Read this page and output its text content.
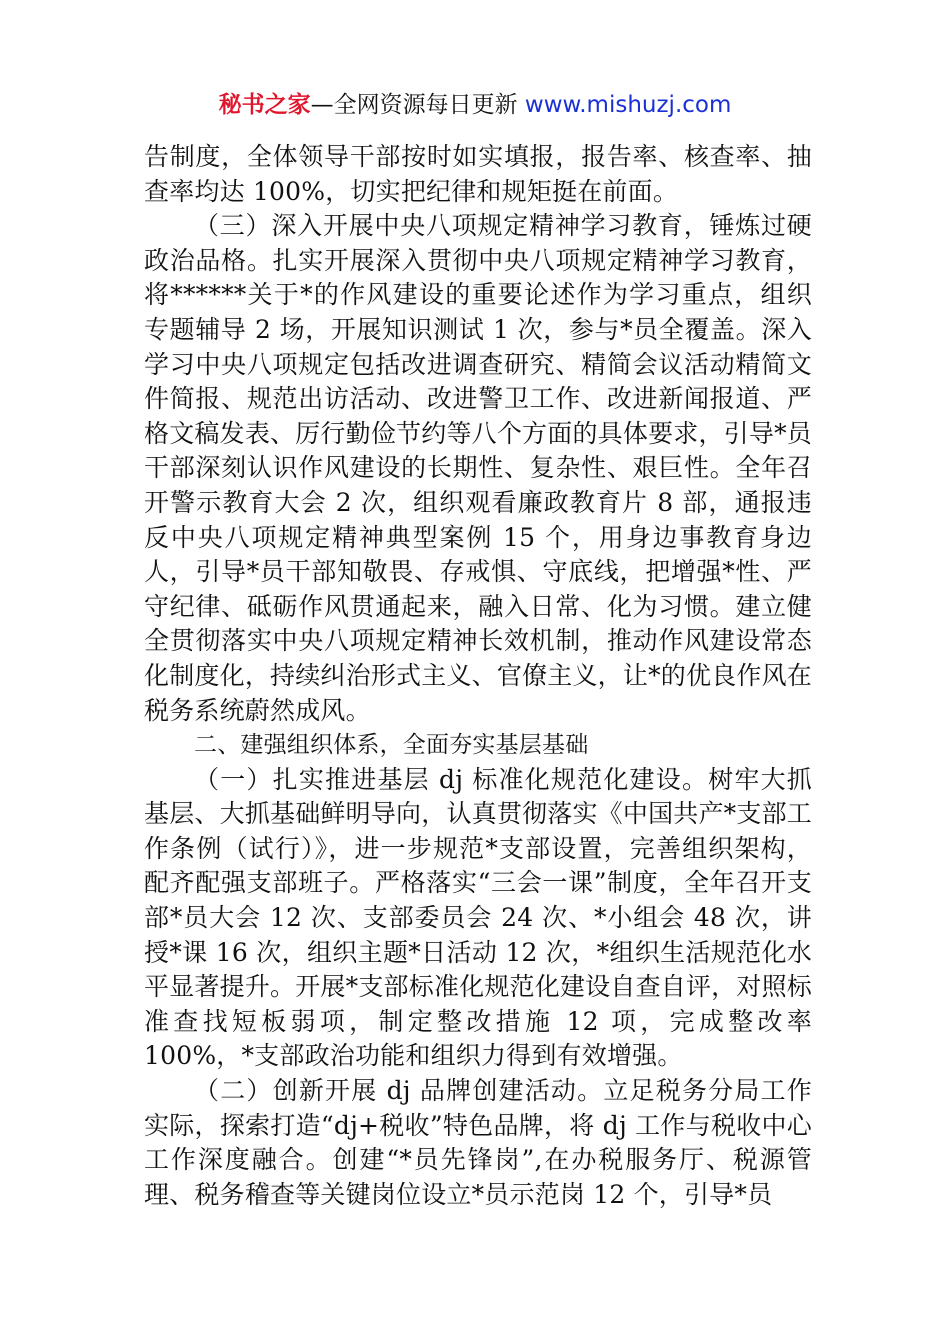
秘书之家—全网资源每日更新 www.mishuzj.com

告制度，全体领导干部按时如实填报，报告率、核查率、抽查率均达 100%，切实把纪律和规矩挺在前面。

（三）深入开展中央八项规定精神学习教育，锤炼过硬政治品格。扎实开展深入贯彻中央八项规定精神学习教育，将******关于*的作风建设的重要论述作为学习重点，组织专题辅导 2 场，开展知识测试 1 次，参与*员全覆盖。深入学习中央八项规定包括改进调查研究、精简会议活动精简文件简报、规范出访活动、改进警卫工作、改进新闻报道、严格文稿发表、厉行勤俭节约等八个方面的具体要求，引导*员干部深刻认识作风建设的长期性、复杂性、艰巨性。全年召开警示教育大会 2 次，组织观看廉政教育片 8 部，通报违反中央八项规定精神典型案例 15 个，用身边事教育身边人，引导*员干部知敬畏、存戒惧、守底线，把增强*性、严守纪律、砥砺作风贯通起来，融入日常、化为习惯。建立健全贯彻落实中央八项规定精神长效机制，推动作风建设常态化制度化，持续纠治形式主义、官僚主义，让*的优良作风在税务系统蔚然成风。

二、建强组织体系，全面夯实基层基础

（一）扎实推进基层 dj 标准化规范化建设。树牢大抓基层、大抓基础鲜明导向，认真贯彻落实《中国共产*支部工作条例（试行）》，进一步规范*支部设置，完善组织架构，配齐配强支部班子。严格落实“三会一课”制度，全年召开支部*员大会 12 次、支部委员会 24 次、*小组会 48 次，讲授*课 16 次，组织主题*日活动 12 次，*组织生活规范化水平显著提升。开展*支部标准化规范化建设自查自评，对照标准查找短板弱项，制定整改措施 12 项，完成整改率 100%，*支部政治功能和组织力得到有效增强。

（二）创新开展 dj 品牌创建活动。立足税务分局工作实际，探索打造“dj+税收”特色品牌，将 dj 工作与税收中心工作深度融合。创建“*员先锋岗”,在办税服务厅、税源管理、税务稽查等关键岗位设立*员示范岗 12 个，引导*员
